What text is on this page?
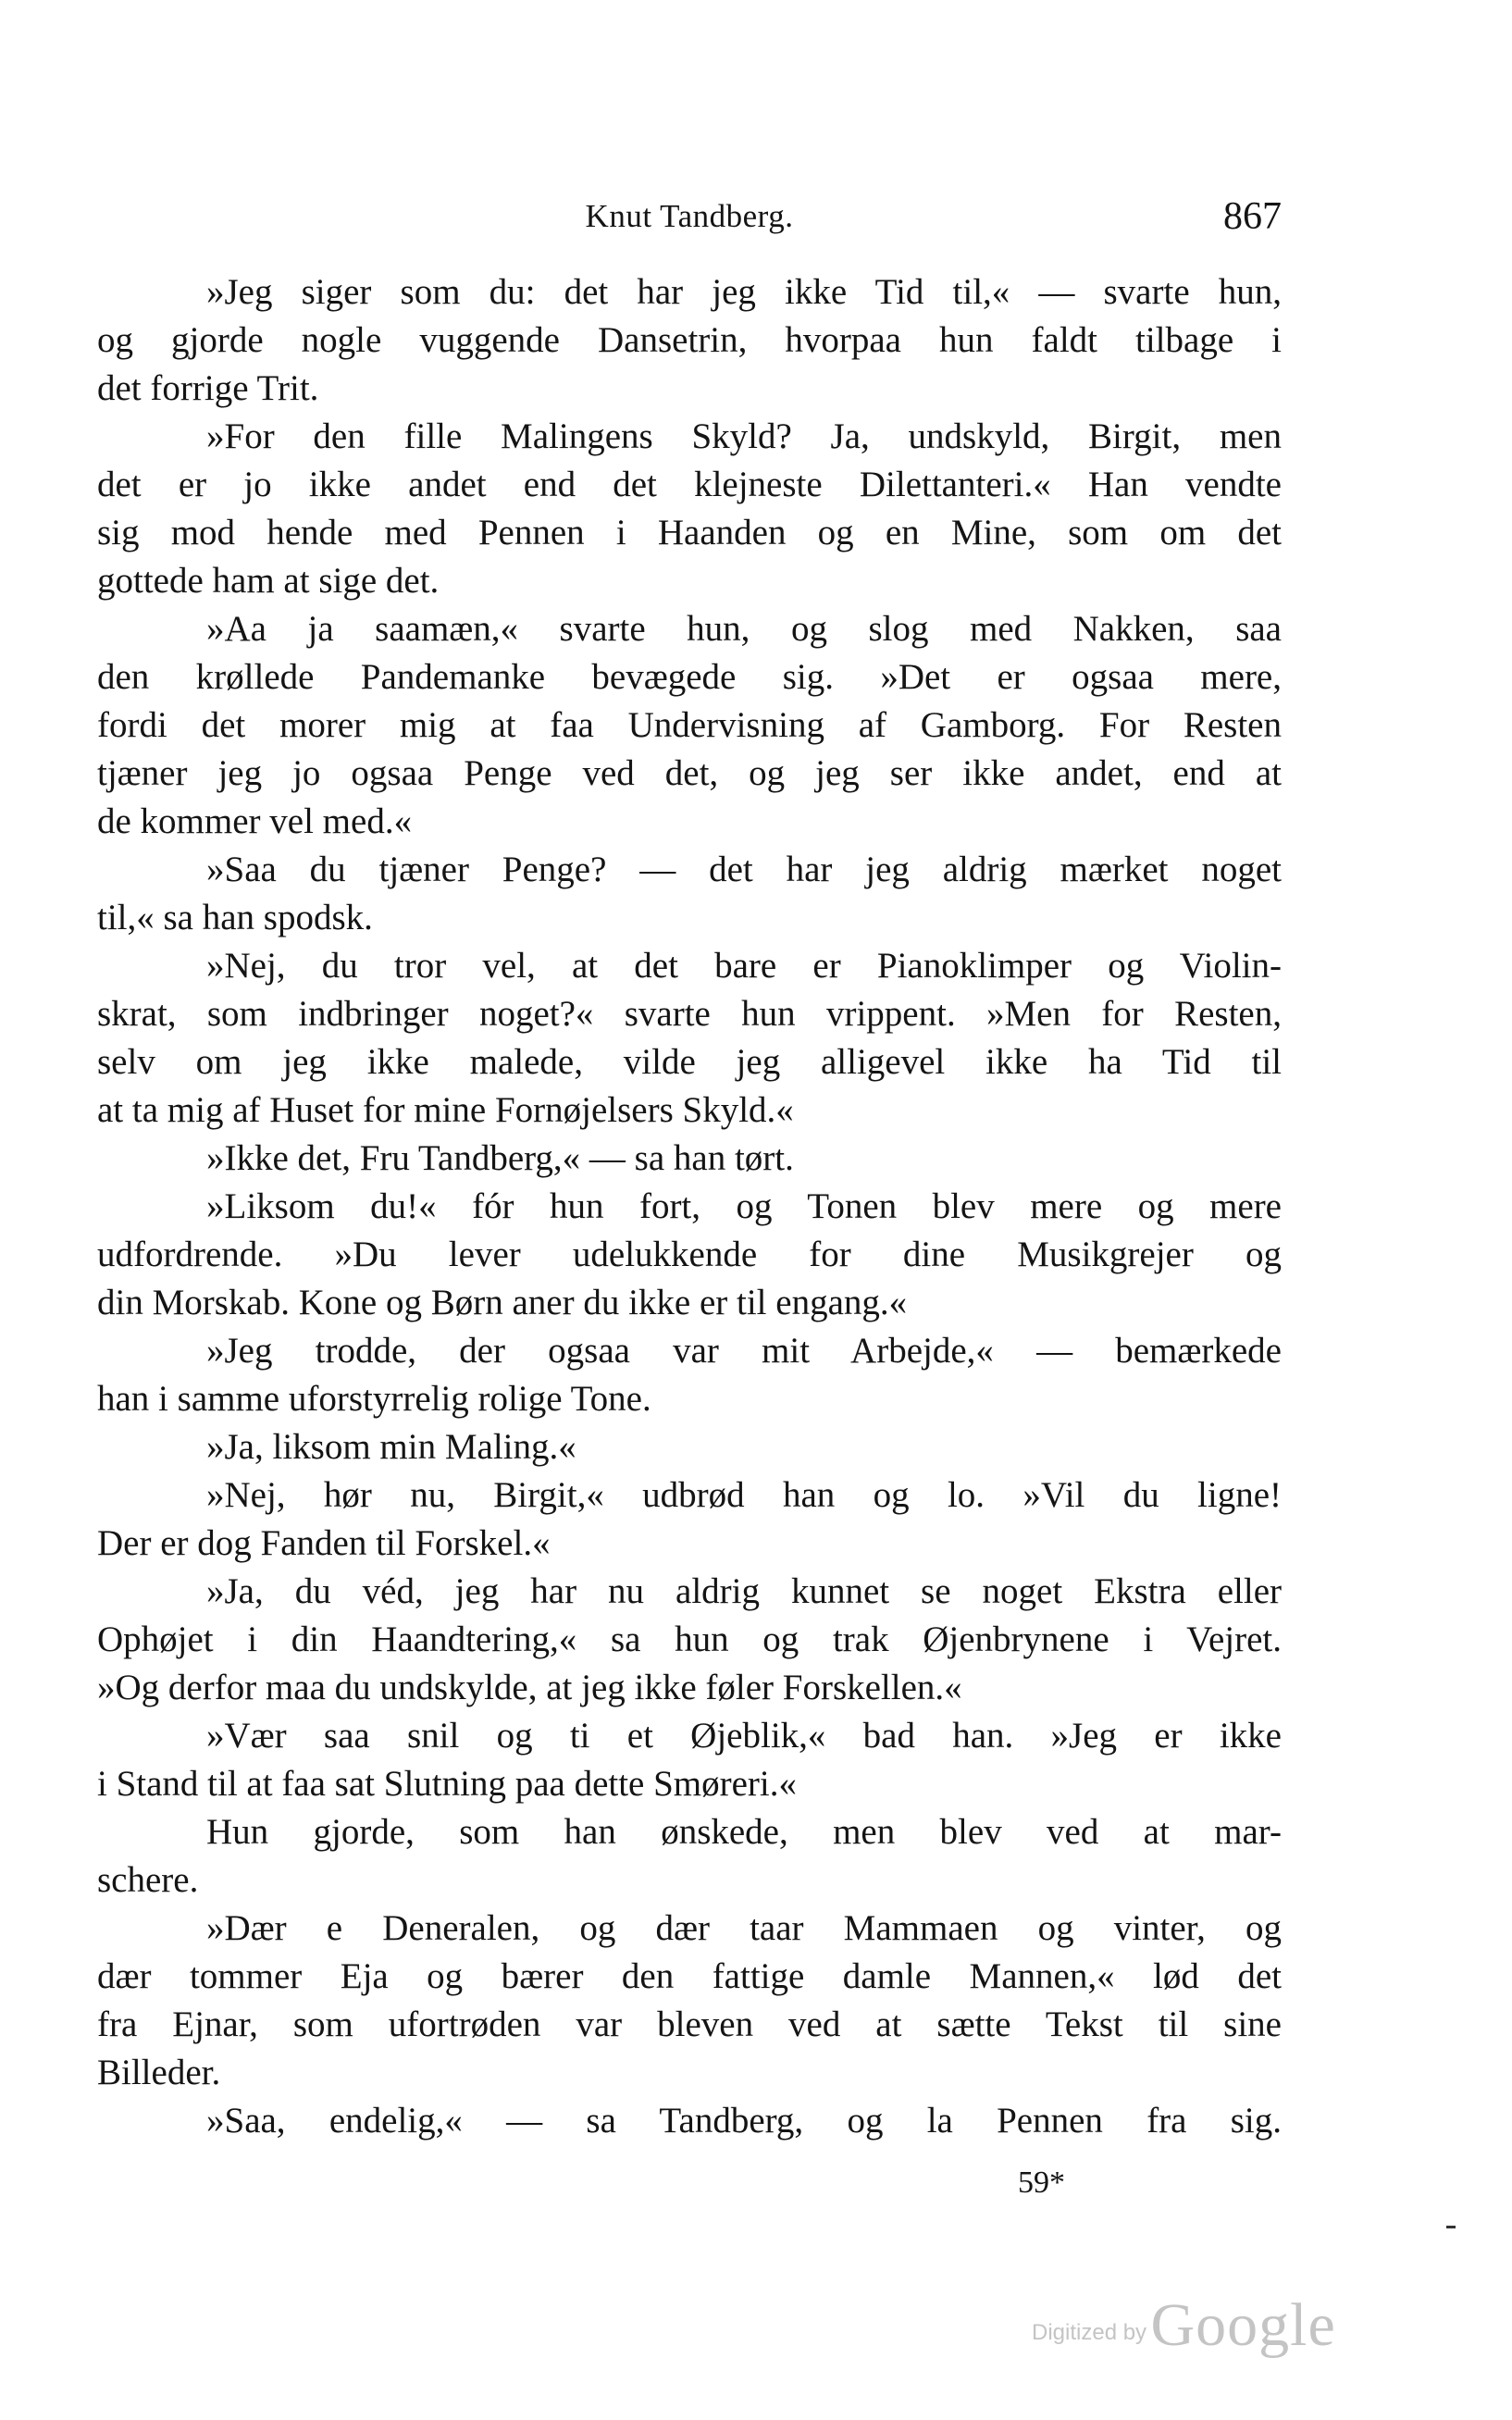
Knut Tandberg.	867
»Jeg siger som du: det har jeg ikke Tid til,« — svarte hun,
og gjorde nogle vuggende Dansetrin, hvorpaa hun faldt tilbage i
det forrige Trit.
»For den fille Malingens Skyld? Ja, undskyld, Birgit, men
det er jo ikke andet end det klejneste Dilettanteri.« Han vendte
sig mod hende med Pennen i Haanden og en Mine, som om det
gottede ham at sige det.
»Aa ja saamæn,« svarte hun, og slog med Nakken, saa
den krøllede Pandemanke bevægede sig. »Det er ogsaa mere,
fordi det morer mig at faa Undervisning af Gamborg. For Resten
tjæner jeg jo ogsaa Penge ved det, og jeg ser ikke andet, end at
de kommer vel med.«
»Saa du tjæner Penge? — det har jeg aldrig mærket noget
til,« sa han spodsk.
»Nej, du tror vel, at det bare er Pianoklimper og Violin-
skrat, som indbringer noget?« svarte hun vrippent. »Men for Resten,
selv om jeg ikke malede, vilde jeg alligevel ikke ha Tid til
at ta mig af Huset for mine Fornøjelsers Skyld.«
»Ikke det, Fru Tandberg,« — sa han tørt.
»Liksom du!« fór hun fort, og Tonen blev mere og mere
udfordrende. »Du lever udelukkende for dine Musikgrejer og
din Morskab. Kone og Børn aner du ikke er til engang.«
»Jeg trodde, der ogsaa var mit Arbejde,« — bemærkede
han i samme uforstyrrelig rolige Tone.
»Ja, liksom min Maling.«
»Nej, hør nu, Birgit,« udbrød han og lo. »Vil du ligne!
Der er dog Fanden til Forskel.«
»Ja, du véd, jeg har nu aldrig kunnet se noget Ekstra eller
Ophøjet i din Haandtering,« sa hun og trak Øjenbrynene i Vejret.
»Og derfor maa du undskylde, at jeg ikke føler Forskellen.«
»Vær saa snil og ti et Øjeblik,« bad han. »Jeg er ikke
i Stand til at faa sat Slutning paa dette Smøreri.«
Hun gjorde, som han ønskede, men blev ved at mar-
schere.
»Dær e Deneralen, og dær taar Mammaen og vinter, og
dær tommer Eja og bærer den fattige damle Mannen,« lød det
fra Ejnar, som ufortrøden var bleven ved at sætte Tekst til sine
Billeder.
»Saa, endelig,« — sa Tandberg, og la Pennen fra sig.
59*
Digitized by Google
